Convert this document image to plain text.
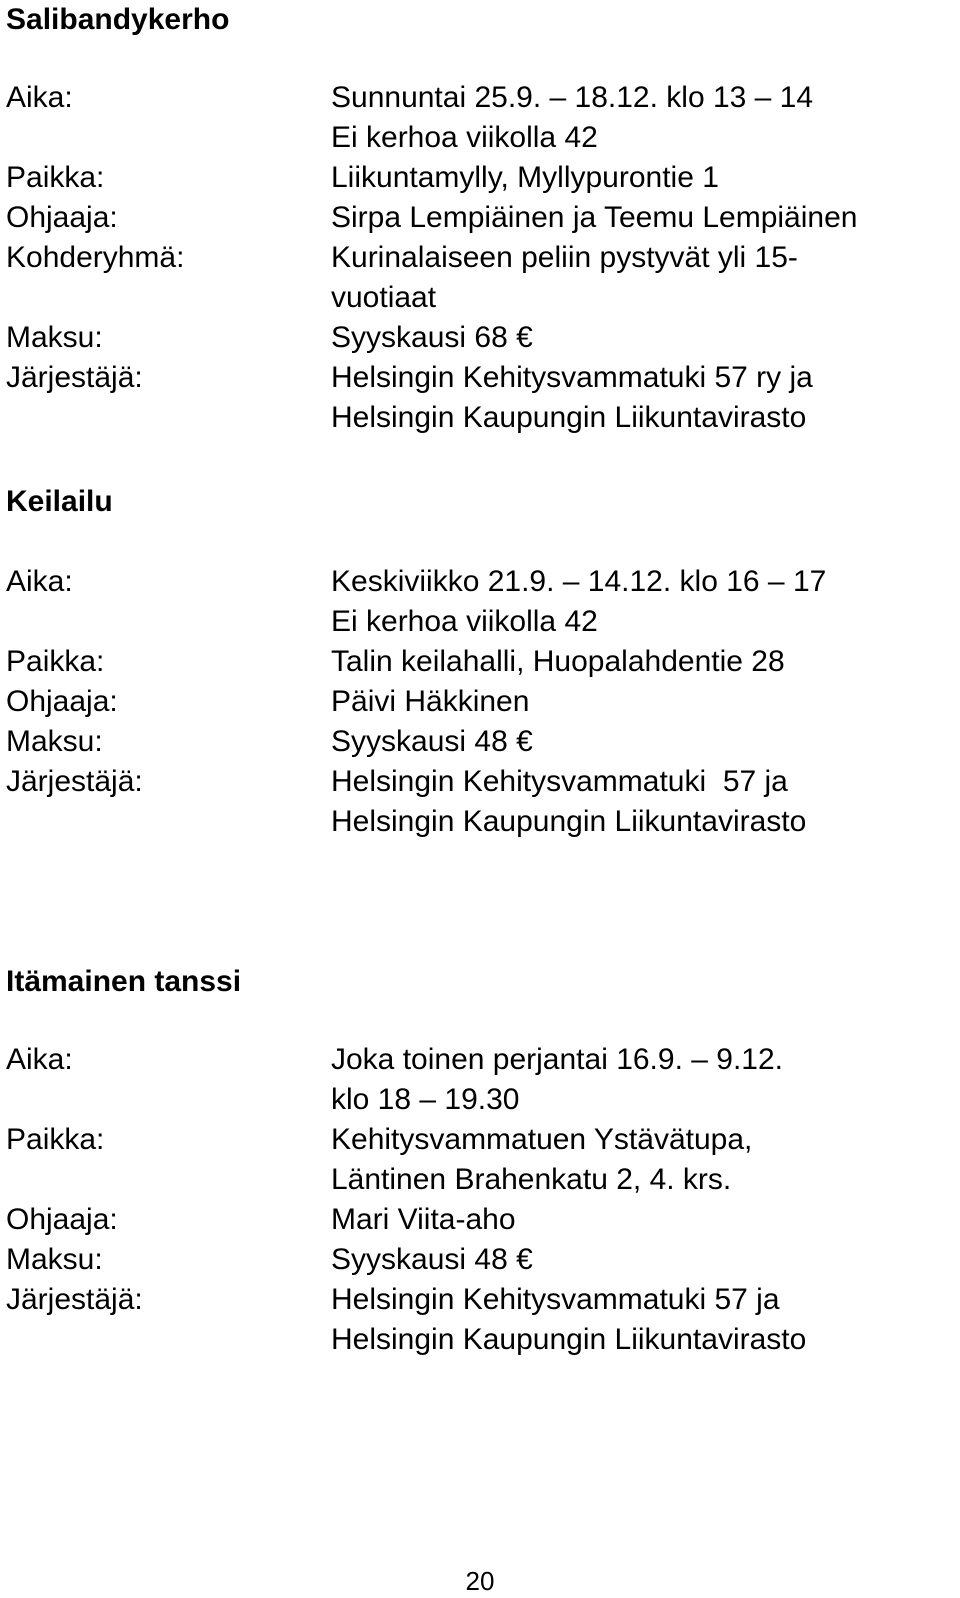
Salibandykerho
Aika:	Sunnuntai 25.9. – 18.12. klo 13 – 14
Ei kerhoa viikolla 42
Paikka:	Liikuntamylly, Myllypurontie 1
Ohjaaja:	Sirpa Lempiäinen ja Teemu Lempiäinen
Kohderyhmä:	Kurinalaiseen peliin pystyvät yli 15-
vuotiaat
Maksu:	Syyskausi 68 €
Järjestäjä:	Helsingin Kehitysvammatuki 57 ry ja
Helsingin Kaupungin Liikuntavirasto
Keilailu
Aika:	Keskiviikko 21.9. – 14.12. klo 16 – 17
Ei kerhoa viikolla 42
Paikka:	Talin keilahalli, Huopalahdentie 28
Ohjaaja:	Päivi Häkkinen
Maksu:	Syyskausi 48 €
Järjestäjä:	Helsingin Kehitysvammatuki  57 ja
Helsingin Kaupungin Liikuntavirasto
Itämainen tanssi
Aika:	Joka toinen perjantai 16.9. – 9.12.
klo 18 – 19.30
Paikka:	Kehitysvammatuen Ystävätupa,
Läntinen Brahenkatu 2, 4. krs.
Ohjaaja:	Mari Viita-aho
Maksu:	Syyskausi 48 €
Järjestäjä:	Helsingin Kehitysvammatuki 57 ja
Helsingin Kaupungin Liikuntavirasto
20
